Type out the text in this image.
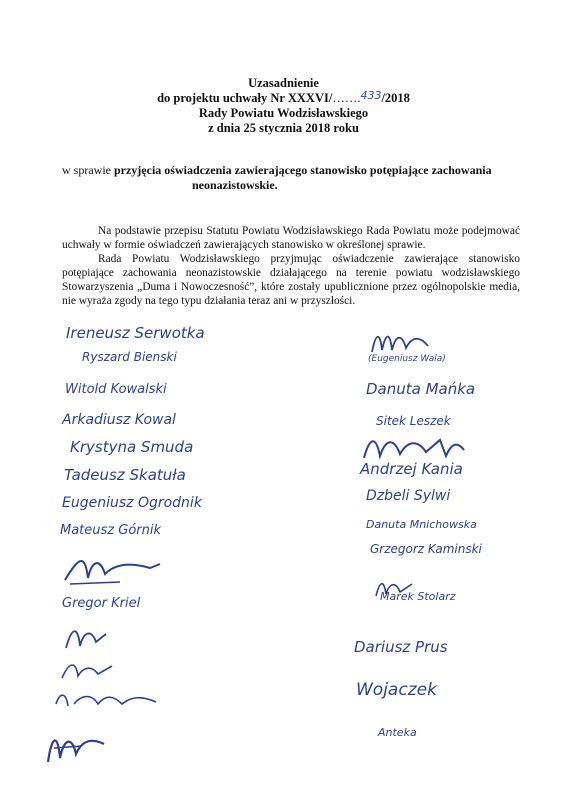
Uzasadnienie
do projektu uchwały Nr XXXVI/…….433/2018
Rady Powiatu Wodzisławskiego
z dnia 25 stycznia 2018 roku
w sprawie przyjęcia oświadczenia zawierającego stanowisko potępiające zachowania
neonazistowskie.

Na podstawie przepisu Statutu Powiatu Wodzisławskiego Rada Powiatu może podejmować uchwały w formie oświadczeń zawierających stanowisko w określonej sprawie.

Rada Powiatu Wodzisławskiego przyjmując oświadczenie zawierające stanowisko potępiające zachowania neonazistowskie działającego na terenie powiatu wodzisławskiego Stowarzyszenia „Duma i Nowoczesność”, które zostały upublicznione przez ogólnopolskie media, nie wyraża zgody na tego typu działania teraz ani w przyszłości.

Ireneusz Serwotka
Ryszard Bienski
Witold Kowalski
Arkadiusz Kowal
Krystyna Smuda
Tadeusz Skatuła
Eugeniusz Ogrodnik
Mateusz Górnik
Gregor Kriel
(Eugeniusz Wala)
Danuta Mańka
Sitek Leszek
Andrzej Kania
Dzbeli Sylwi
Danuta Mnichowska
Grzegorz Kaminski
Marek Stolarz
Dariusz Prus
Wojaczek
Anteka
